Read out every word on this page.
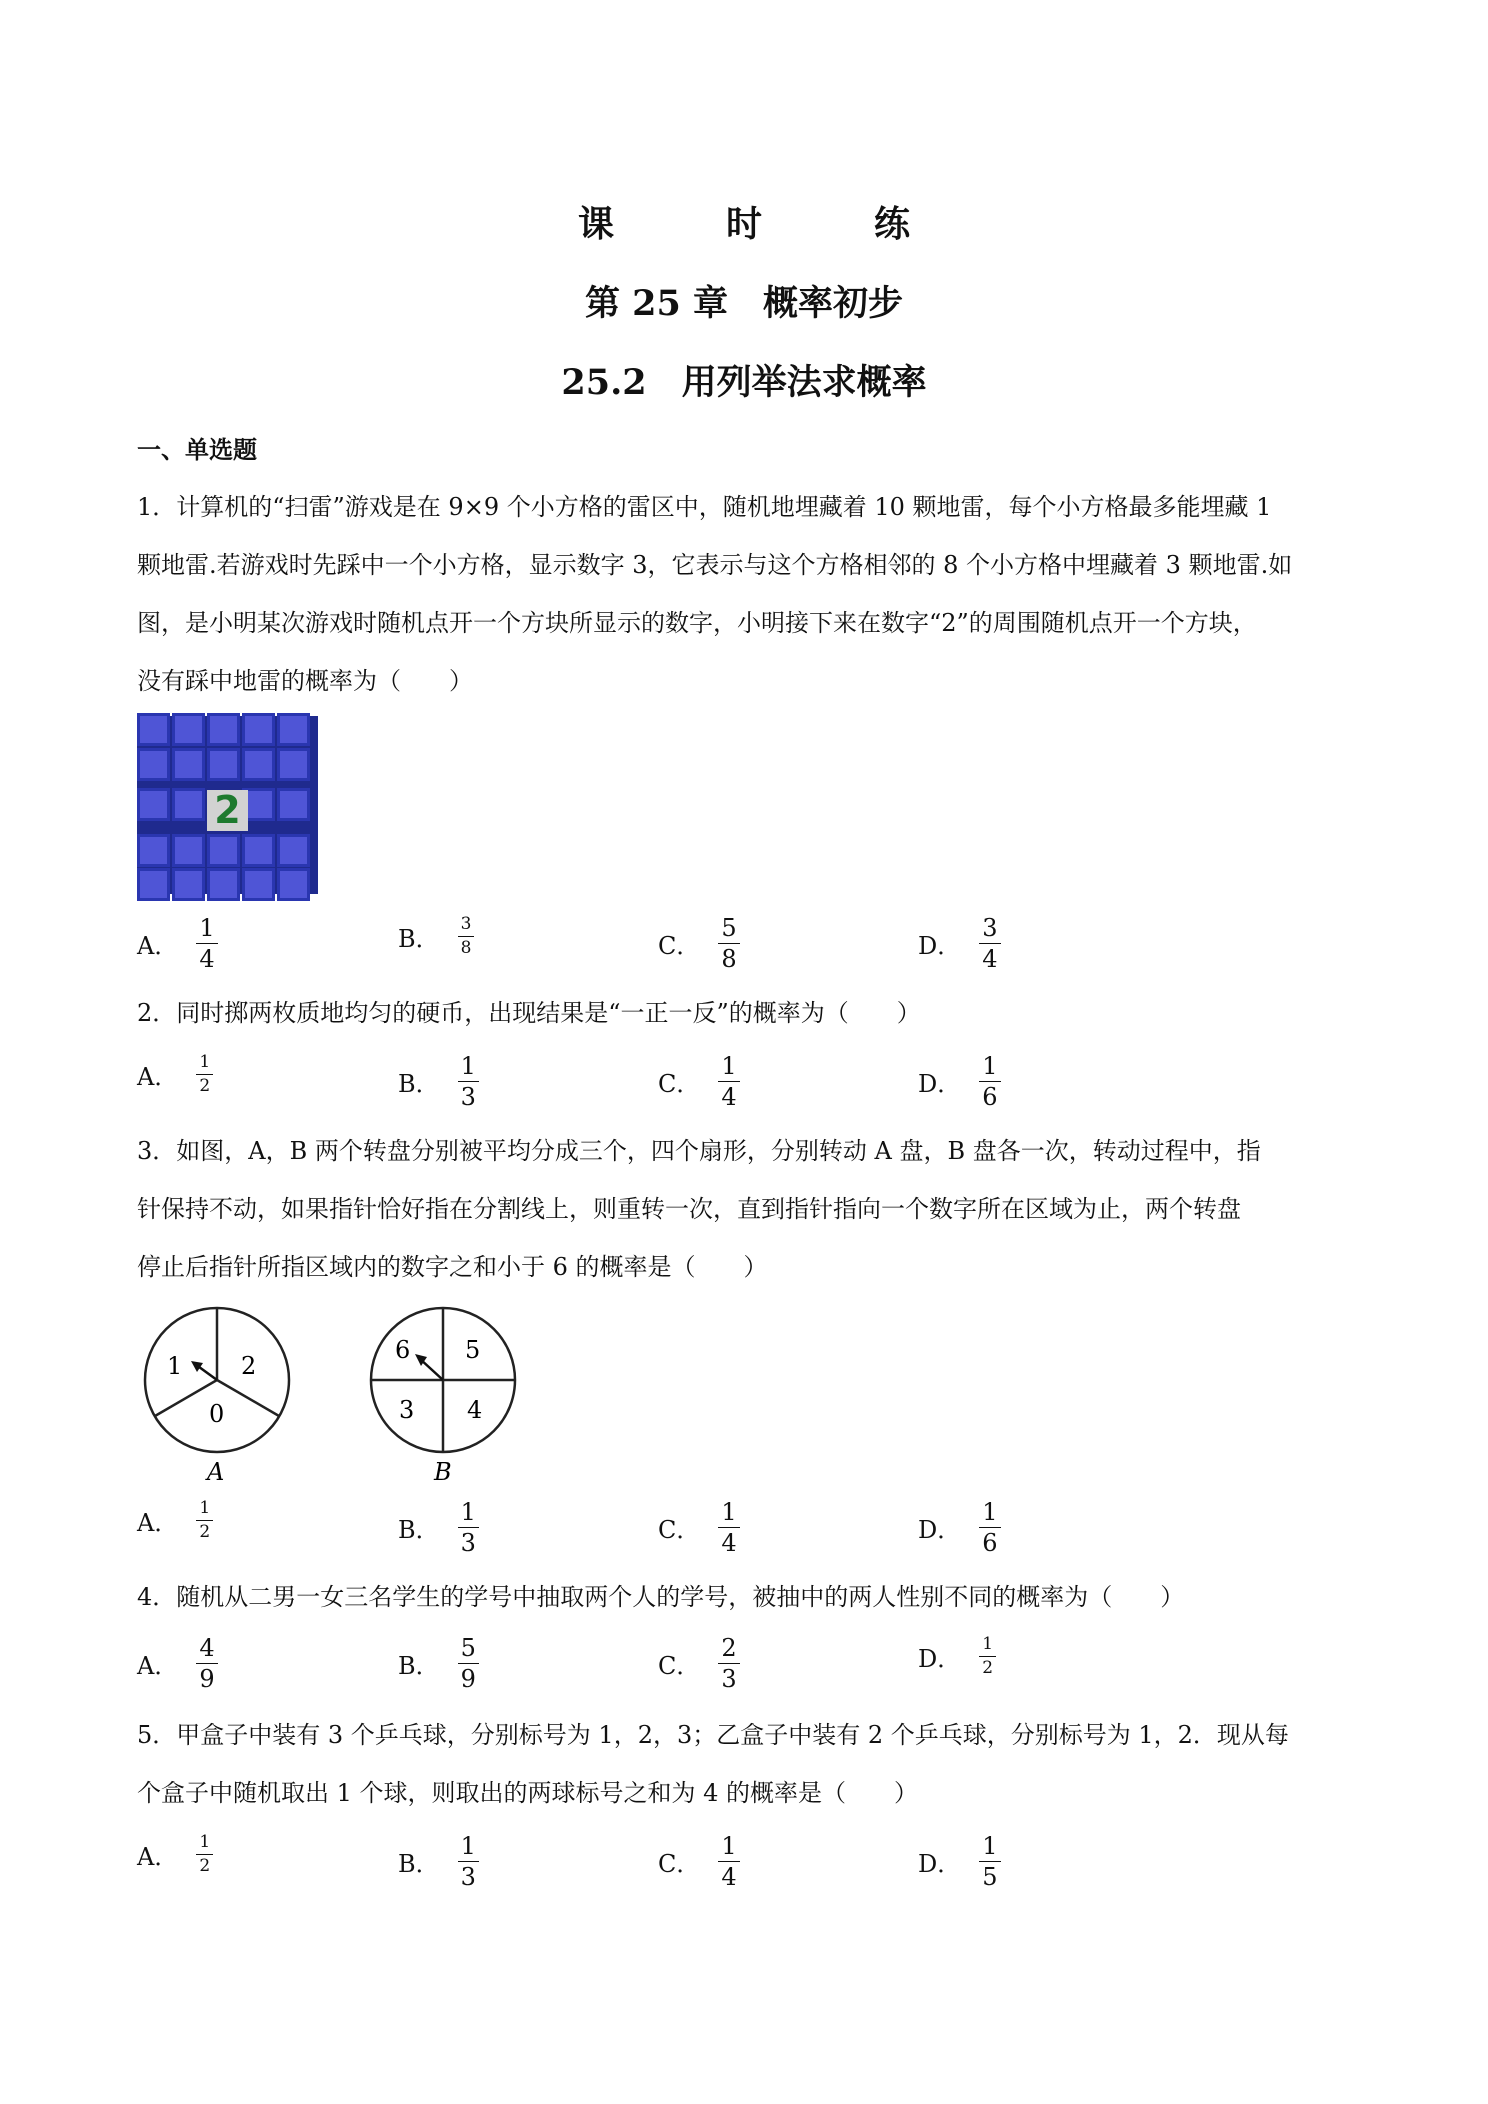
课　时　练
第 25 章　概率初步
25.2　用列举法求概率
一、单选题
1．计算机的“扫雷”游戏是在 9×9 个小方格的雷区中，随机地埋藏着 10 颗地雷，每个小方格最多能埋藏 1
颗地雷.若游戏时先踩中一个小方格，显示数字 3，它表示与这个方格相邻的 8 个小方格中埋藏着 3 颗地雷.如
图，是小明某次游戏时随机点开一个方块所显示的数字，小明接下来在数字“2”的周围随机点开一个方块，
没有踩中地雷的概率为（　　）
2
A． $\frac{1}{4}$	B． $\frac{3}{8}$	C． $\frac{5}{8}$	D． $\frac{3}{4}$
2．同时掷两枚质地均匀的硬币，出现结果是“一正一反”的概率为（　　）
A． $\frac{1}{2}$	B． $\frac{1}{3}$	C． $\frac{1}{4}$	D． $\frac{1}{6}$
3．如图，A，B 两个转盘分别被平均分成三个，四个扇形，分别转动 A 盘，B 盘各一次，转动过程中，指
针保持不动，如果指针恰好指在分割线上，则重转一次，直到指针指向一个数字所在区域为止，两个转盘
停止后指针所指区域内的数字之和小于 6 的概率是（　　）
1 2
0
A
6 5
3 4
B
A． $\frac{1}{2}$	B． $\frac{1}{3}$	C． $\frac{1}{4}$	D． $\frac{1}{6}$
4．随机从二男一女三名学生的学号中抽取两个人的学号，被抽中的两人性别不同的概率为（　　）
A． $\frac{4}{9}$	B． $\frac{5}{9}$	C． $\frac{2}{3}$	D． $\frac{1}{2}$
5．甲盒子中装有 3 个乒乓球，分别标号为 1，2，3；乙盒子中装有 2 个乒乓球，分别标号为 1，2．现从每
个盒子中随机取出 1 个球，则取出的两球标号之和为 4 的概率是（　　）
A． $\frac{1}{2}$	B． $\frac{1}{3}$	C． $\frac{1}{4}$	D． $\frac{1}{5}$
